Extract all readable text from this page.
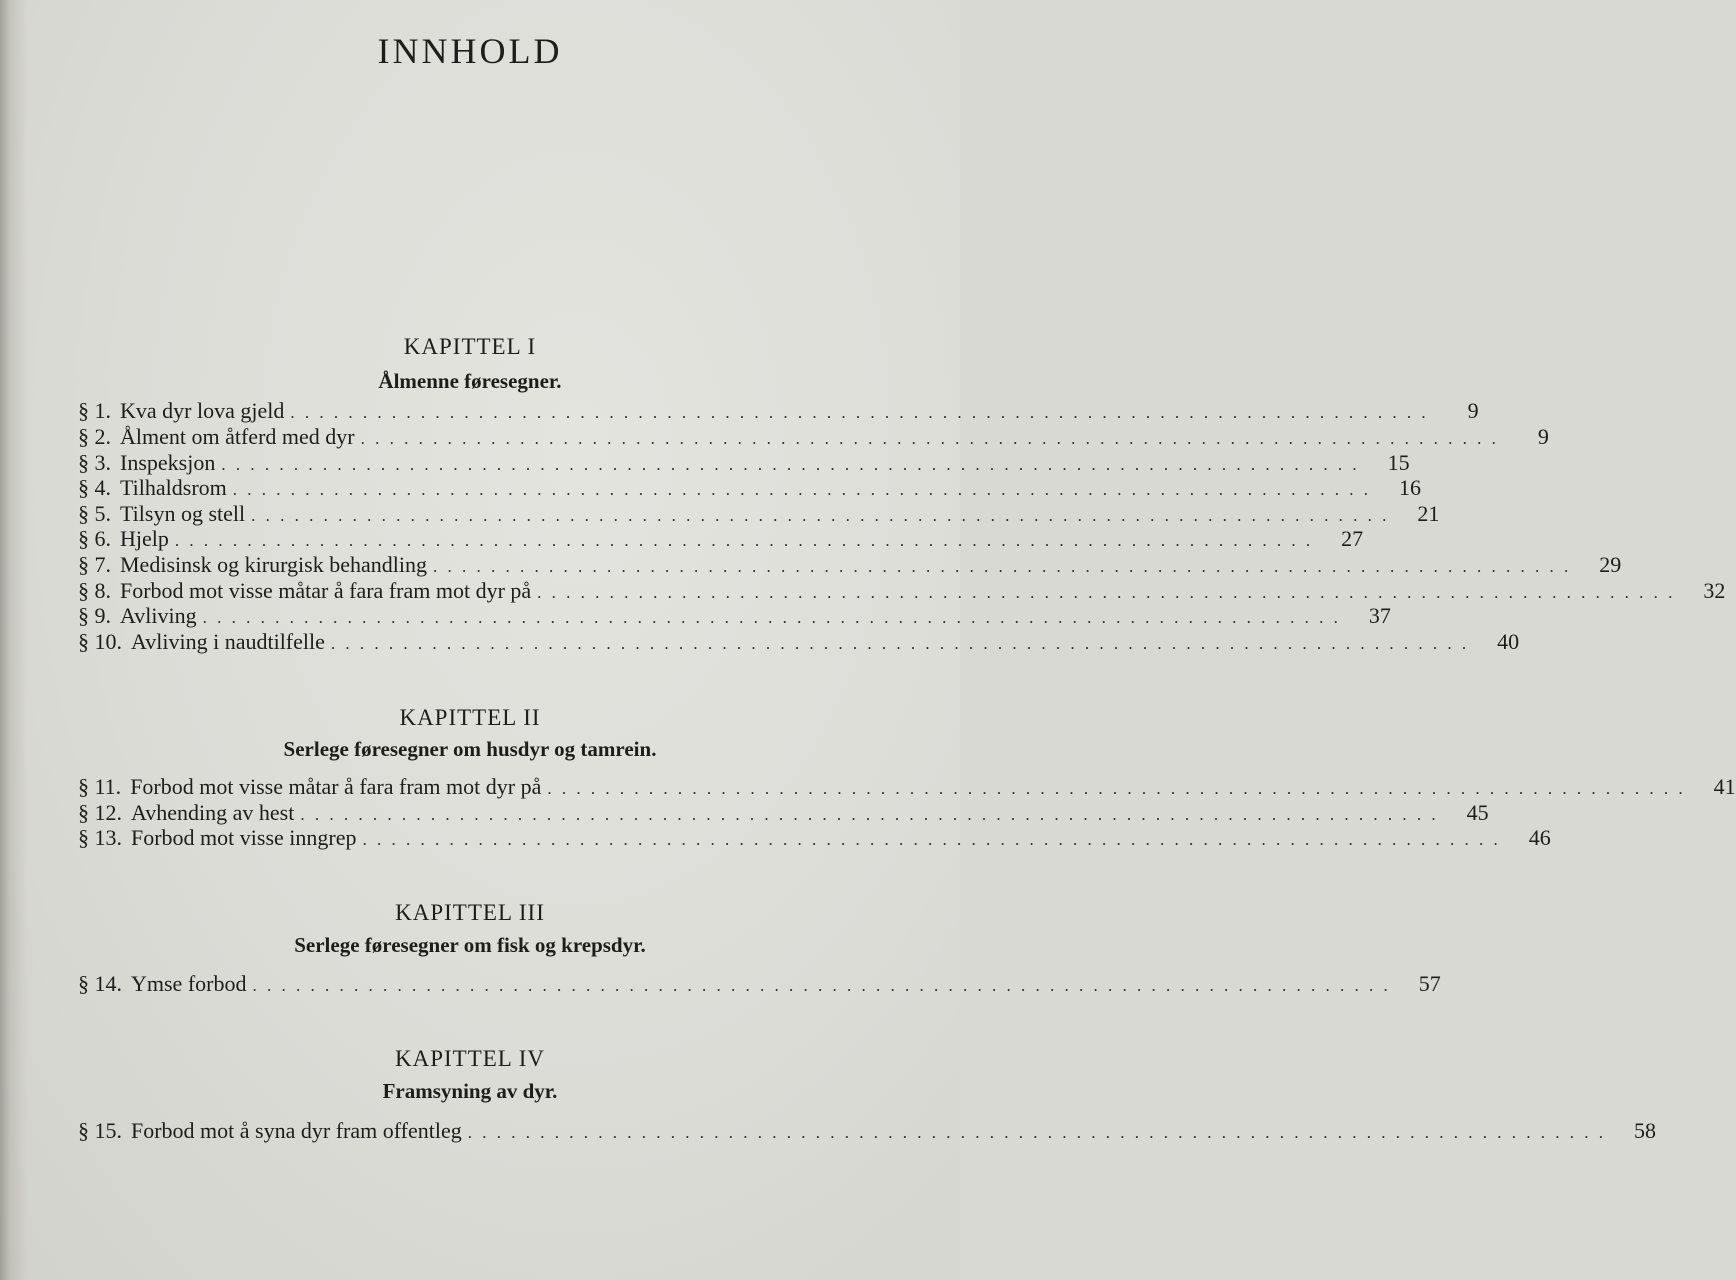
INNHOLD
KAPITTEL I
Ålmenne føresegner.
§ 1. Kva dyr lova gjeld . . . . . . . . . . . . . . . . . . . . . . . . . . . . . . . . . . . . . . . . . . . . . . . . . . . . . . . . . . . . . . . . . . . . . . . . . . . . . . .	9
§ 2. Ålment om åtferd med dyr . . . . . . . . . . . . . . . . . . . . . . . . . . . . . . . . . . . . . . . . . . . . . . . . . . . . . . . . . . . . . . . . . . . . . . . . . . . . . . .	9
§ 3. Inspeksjon . . . . . . . . . . . . . . . . . . . . . . . . . . . . . . . . . . . . . . . . . . . . . . . . . . . . . . . . . . . . . . . . . . . . . . . . . . . . . . .	15
§ 4. Tilhaldsrom . . . . . . . . . . . . . . . . . . . . . . . . . . . . . . . . . . . . . . . . . . . . . . . . . . . . . . . . . . . . . . . . . . . . . . . . . . . . . . .	16
§ 5. Tilsyn og stell . . . . . . . . . . . . . . . . . . . . . . . . . . . . . . . . . . . . . . . . . . . . . . . . . . . . . . . . . . . . . . . . . . . . . . . . . . . . . . .	21
§ 6. Hjelp . . . . . . . . . . . . . . . . . . . . . . . . . . . . . . . . . . . . . . . . . . . . . . . . . . . . . . . . . . . . . . . . . . . . . . . . . . . . . . .	27
§ 7. Medisinsk og kirurgisk behandling . . . . . . . . . . . . . . . . . . . . . . . . . . . . . . . . . . . . . . . . . . . . . . . . . . . . . . . . . . . . . . . . . . . . . . . . . . . . . . .	29
§ 8. Forbod mot visse måtar å fara fram mot dyr på . . . . . . . . . . . . . . . . . . . . . . . . . . . . . . . . . . . . . . . . . . . . . . . . . . . . . . . . . . . . . . . . . . . . . . . . . . . . . . .	32
§ 9. Avliving . . . . . . . . . . . . . . . . . . . . . . . . . . . . . . . . . . . . . . . . . . . . . . . . . . . . . . . . . . . . . . . . . . . . . . . . . . . . . . .	37
§ 10. Avliving i naudtilfelle . . . . . . . . . . . . . . . . . . . . . . . . . . . . . . . . . . . . . . . . . . . . . . . . . . . . . . . . . . . . . . . . . . . . . . . . . . . . . . .	40
KAPITTEL II
Serlege føresegner om husdyr og tamrein.
§ 11. Forbod mot visse måtar å fara fram mot dyr på . . . . . . . . . . . . . . . . . . . . . . . . . . . . . . . . . . . . . . . . . . . . . . . . . . . . . . . . . . . . . . . . . . . . . . . . . . . . . . .	41
§ 12. Avhending av hest . . . . . . . . . . . . . . . . . . . . . . . . . . . . . . . . . . . . . . . . . . . . . . . . . . . . . . . . . . . . . . . . . . . . . . . . . . . . . . .	45
§ 13. Forbod mot visse inngrep . . . . . . . . . . . . . . . . . . . . . . . . . . . . . . . . . . . . . . . . . . . . . . . . . . . . . . . . . . . . . . . . . . . . . . . . . . . . . . .	46
KAPITTEL III
Serlege føresegner om fisk og krepsdyr.
§ 14. Ymse forbod . . . . . . . . . . . . . . . . . . . . . . . . . . . . . . . . . . . . . . . . . . . . . . . . . . . . . . . . . . . . . . . . . . . . . . . . . . . . . . .	57
KAPITTEL IV
Framsyning av dyr.
§ 15. Forbod mot å syna dyr fram offentleg . . . . . . . . . . . . . . . . . . . . . . . . . . . . . . . . . . . . . . . . . . . . . . . . . . . . . . . . . . . . . . . . . . . . . . . . . . . . . . .	58
